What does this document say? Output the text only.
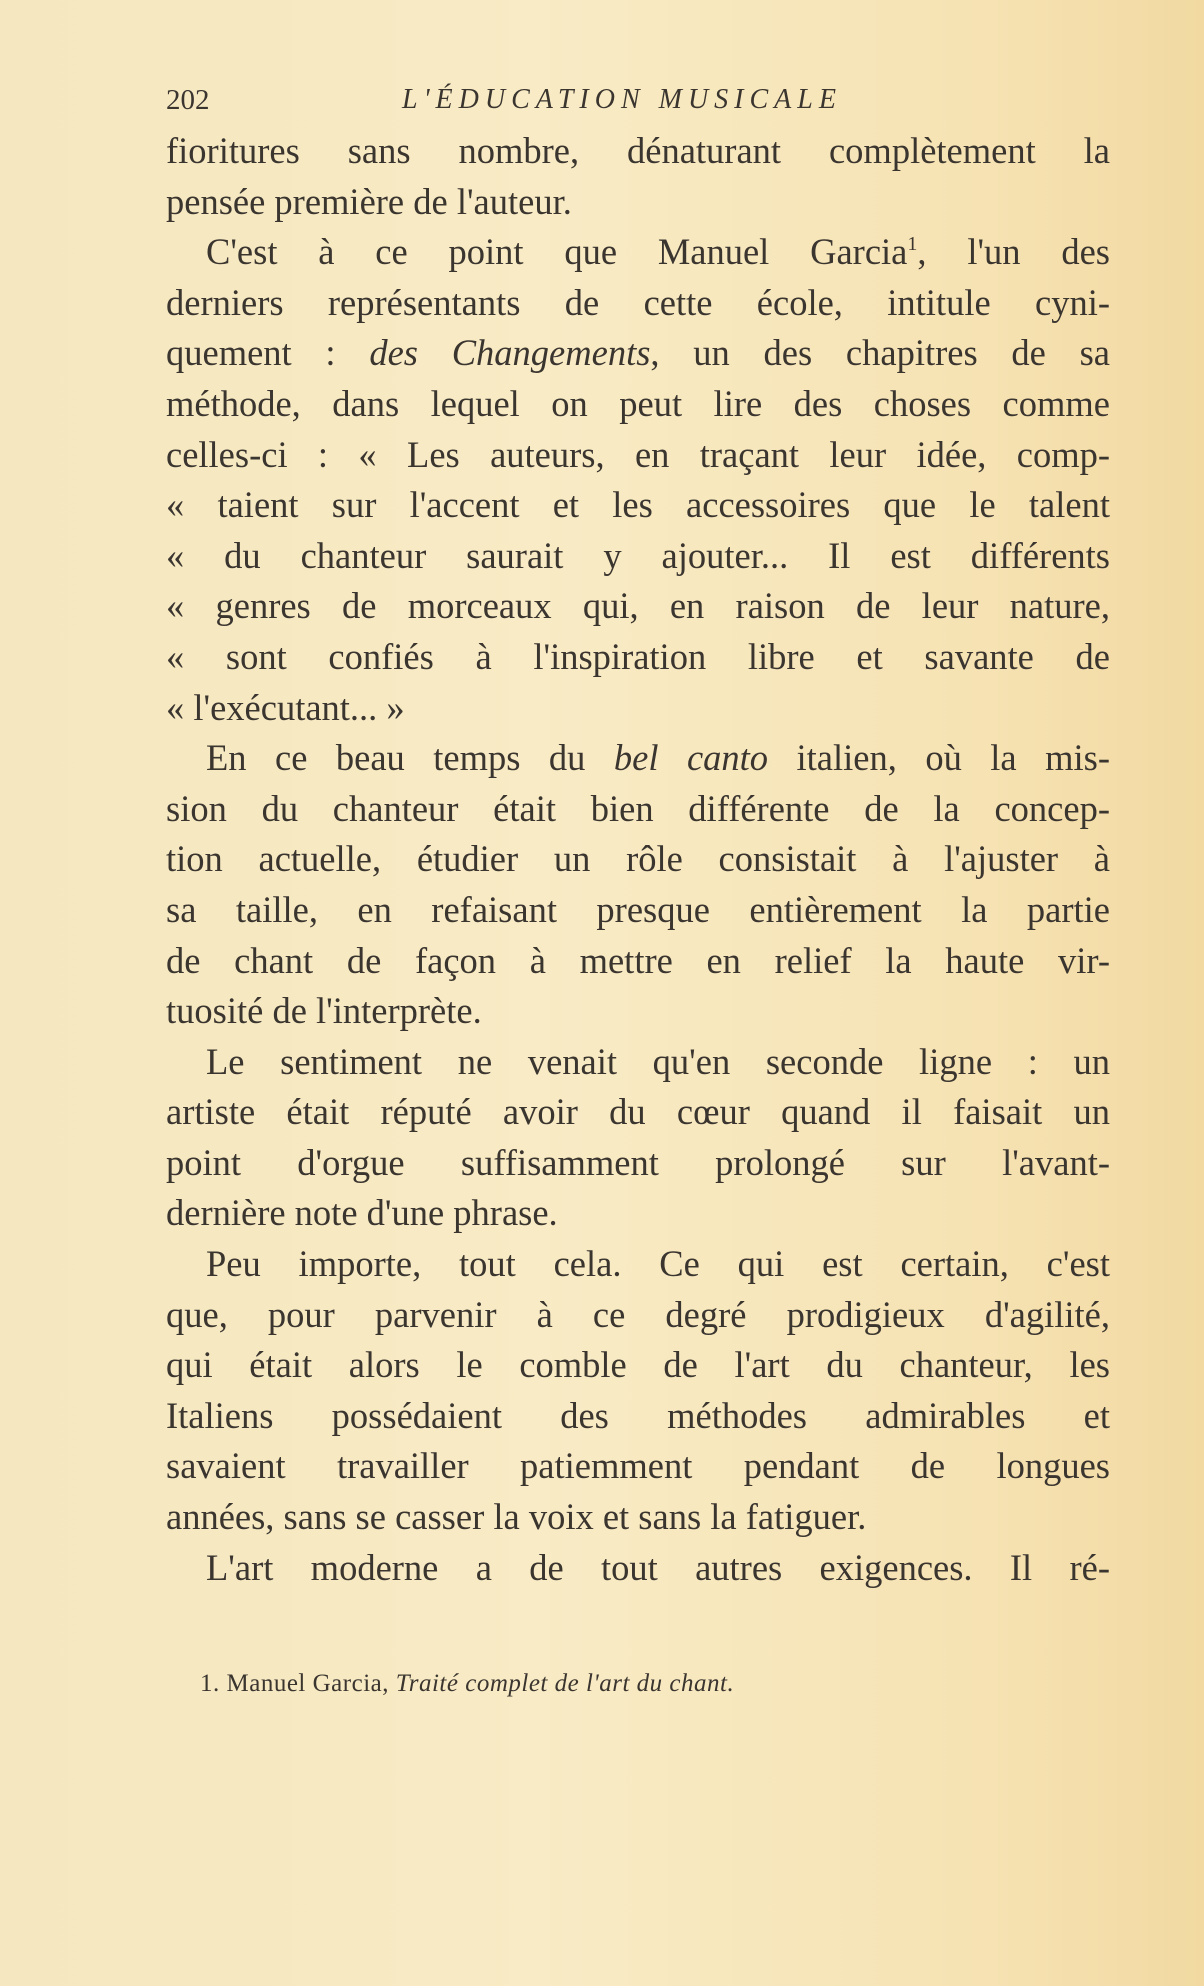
202	L'ÉDUCATION MUSICALE
fioritures sans nombre, dénaturant complètement la
pensée première de l'auteur.
C'est à ce point que Manuel Garcia$^1$, l'un des
derniers représentants de cette école, intitule cyni-
quement : des Changements, un des chapitres de sa
méthode, dans lequel on peut lire des choses comme
celles-ci : « Les auteurs, en traçant leur idée, comp-
« taient sur l'accent et les accessoires que le talent
« du chanteur saurait y ajouter... Il est différents
« genres de morceaux qui, en raison de leur nature,
« sont confiés à l'inspiration libre et savante de
« l'exécutant... »
En ce beau temps du bel canto italien, où la mis-
sion du chanteur était bien différente de la concep-
tion actuelle, étudier un rôle consistait à l'ajuster à
sa taille, en refaisant presque entièrement la partie
de chant de façon à mettre en relief la haute vir-
tuosité de l'interprète.
Le sentiment ne venait qu'en seconde ligne : un
artiste était réputé avoir du cœur quand il faisait un
point d'orgue suffisamment prolongé sur l'avant-
dernière note d'une phrase.
Peu importe, tout cela. Ce qui est certain, c'est
que, pour parvenir à ce degré prodigieux d'agilité,
qui était alors le comble de l'art du chanteur, les
Italiens possédaient des méthodes admirables et
savaient travailler patiemment pendant de longues
années, sans se casser la voix et sans la fatiguer.
L'art moderne a de tout autres exigences. Il ré-
1. Manuel Garcia, Traité complet de l'art du chant.
